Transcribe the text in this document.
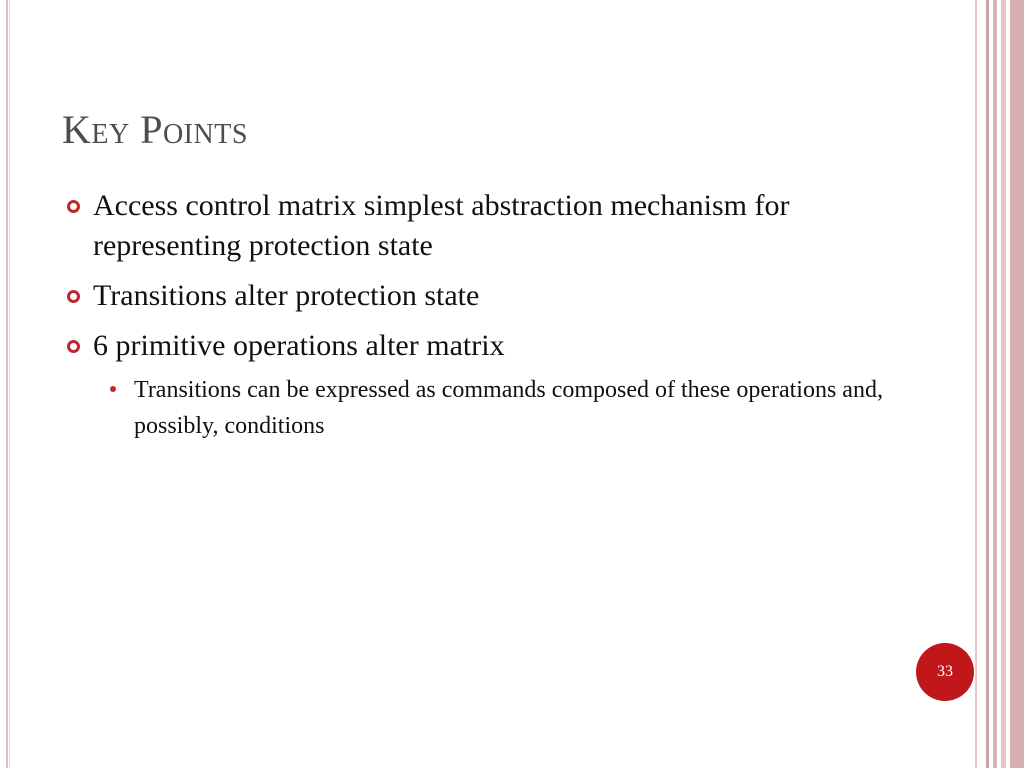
Key Points
Access control matrix simplest abstraction mechanism for representing protection state
Transitions alter protection state
6 primitive operations alter matrix
Transitions can be expressed as commands composed of these operations and, possibly, conditions
33
